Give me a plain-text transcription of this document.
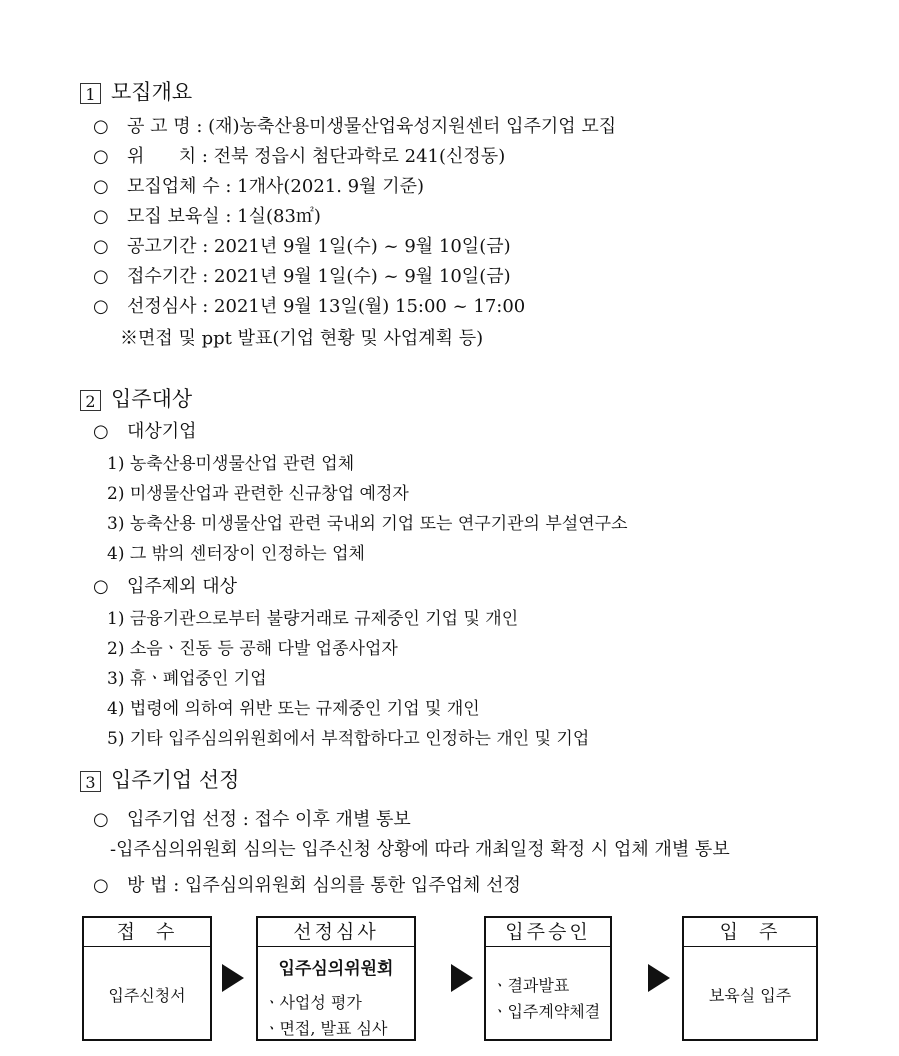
1 모집개요
○ 공 고 명 : (재)농축산용미생물산업육성지원센터 입주기업 모집
○ 위      치 : 전북 정읍시 첨단과학로 241(신정동)
○ 모집업체 수 : 1개사(2021. 9월 기준)
○ 모집 보육실 : 1실(83㎡)
○ 공고기간 : 2021년 9월 1일(수) ~ 9월 10일(금)
○ 접수기간 : 2021년 9월 1일(수) ~ 9월 10일(금)
○ 선정심사 : 2021년 9월 13일(월) 15:00 ~ 17:00
※면접 및 ppt 발표(기업 현황 및 사업계획 등)
2 입주대상
○ 대상기업
1) 농축산용미생물산업 관련 업체
2) 미생물산업과 관련한 신규창업 예정자
3) 농축산용 미생물산업 관련 국내외 기업 또는 연구기관의 부설연구소
4) 그 밖의 센터장이 인정하는 업체
○ 입주제외 대상
1) 금융기관으로부터 불량거래로 규제중인 기업 및 개인
2) 소음ㆍ진동 등 공해 다발 업종사업자
3) 휴ㆍ폐업중인 기업
4) 법령에 의하여 위반 또는 규제중인 기업 및 개인
5) 기타 입주심의위원회에서 부적합하다고 인정하는 개인 및 기업
3 입주기업 선정
○ 입주기업 선정 : 접수 이후 개별 통보
-입주심의위원회 심의는 입주신청 상황에 따라 개최일정 확정 시 업체 개별 통보
○ 방 법 : 입주심의위원회 심의를 통한 입주업체 선정
접  수
입주신청서
선정심사
입주심의위원회
ㆍ사업성 평가
ㆍ면접, 발표 심사
입주승인
ㆍ결과발표
ㆍ입주계약체결
입  주
보육실 입주
